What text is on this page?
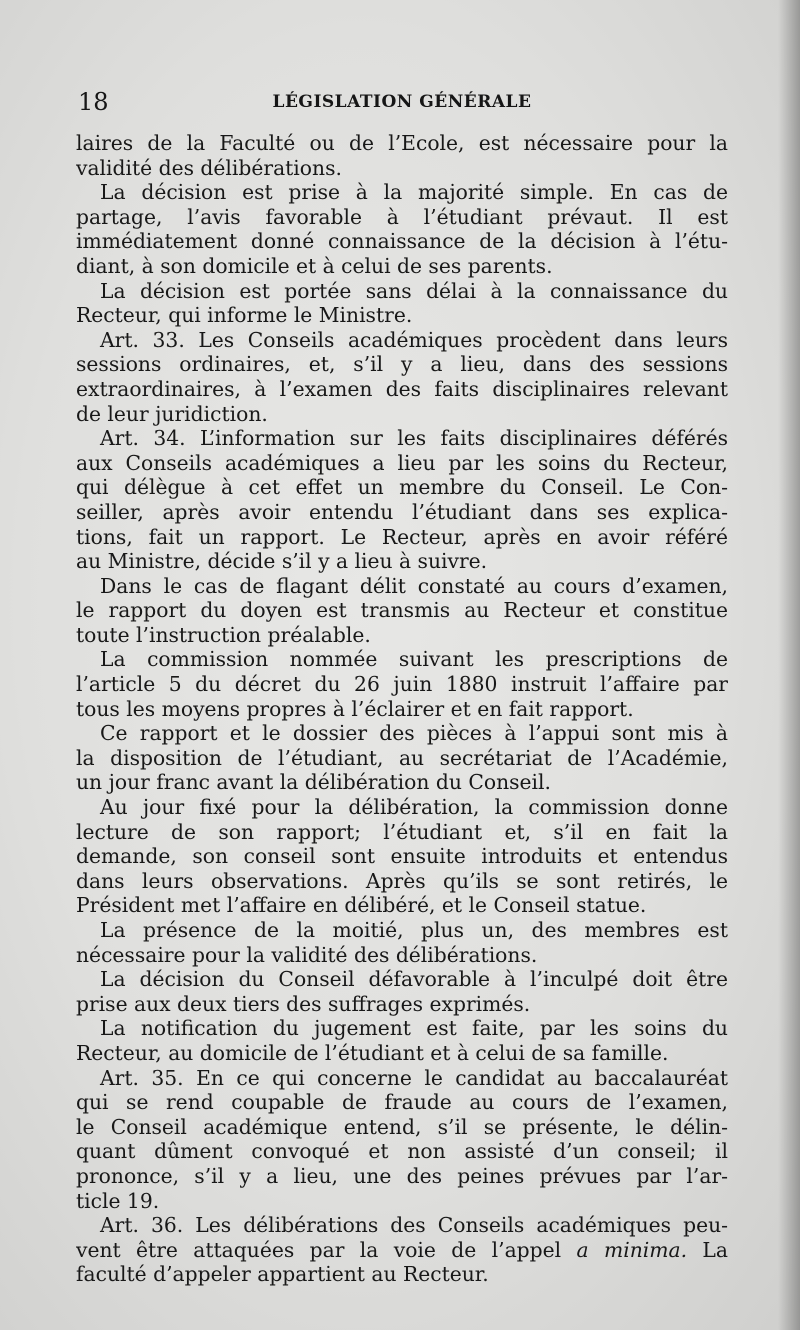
18	LÉGISLATION GÉNÉRALE
laires de la Faculté ou de l’Ecole, est nécessaire pour la
validité des délibérations.
La décision est prise à la majorité simple. En cas de
partage, l’avis favorable à l’étudiant prévaut. Il est
immédiatement donné connaissance de la décision à l’étu-
diant, à son domicile et à celui de ses parents.
La décision est portée sans délai à la connaissance du
Recteur, qui informe le Ministre.
Art. 33. Les Conseils académiques procèdent dans leurs
sessions ordinaires, et, s’il y a lieu, dans des sessions
extraordinaires, à l’examen des faits disciplinaires relevant
de leur juridiction.
Art. 34. L’information sur les faits disciplinaires déférés
aux Conseils académiques a lieu par les soins du Recteur,
qui délègue à cet effet un membre du Conseil. Le Con-
seiller, après avoir entendu l’étudiant dans ses explica-
tions, fait un rapport. Le Recteur, après en avoir référé
au Ministre, décide s’il y a lieu à suivre.
Dans le cas de flagant délit constaté au cours d’examen,
le rapport du doyen est transmis au Recteur et constitue
toute l’instruction préalable.
La commission nommée suivant les prescriptions de
l’article 5 du décret du 26 juin 1880 instruit l’affaire par
tous les moyens propres à l’éclairer et en fait rapport.
Ce rapport et le dossier des pièces à l’appui sont mis à
la disposition de l’étudiant, au secrétariat de l’Académie,
un jour franc avant la délibération du Conseil.
Au jour fixé pour la délibération, la commission donne
lecture de son rapport; l’étudiant et, s’il en fait la
demande, son conseil sont ensuite introduits et entendus
dans leurs observations. Après qu’ils se sont retirés, le
Président met l’affaire en délibéré, et le Conseil statue.
La présence de la moitié, plus un, des membres est
nécessaire pour la validité des délibérations.
La décision du Conseil défavorable à l’inculpé doit être
prise aux deux tiers des suffrages exprimés.
La notification du jugement est faite, par les soins du
Recteur, au domicile de l’étudiant et à celui de sa famille.
Art. 35. En ce qui concerne le candidat au baccalauréat
qui se rend coupable de fraude au cours de l’examen,
le Conseil académique entend, s’il se présente, le délin-
quant dûment convoqué et non assisté d’un conseil; il
prononce, s’il y a lieu, une des peines prévues par l’ar-
ticle 19.
Art. 36. Les délibérations des Conseils académiques peu-
vent être attaquées par la voie de l’appel a minima. La
faculté d’appeler appartient au Recteur.
